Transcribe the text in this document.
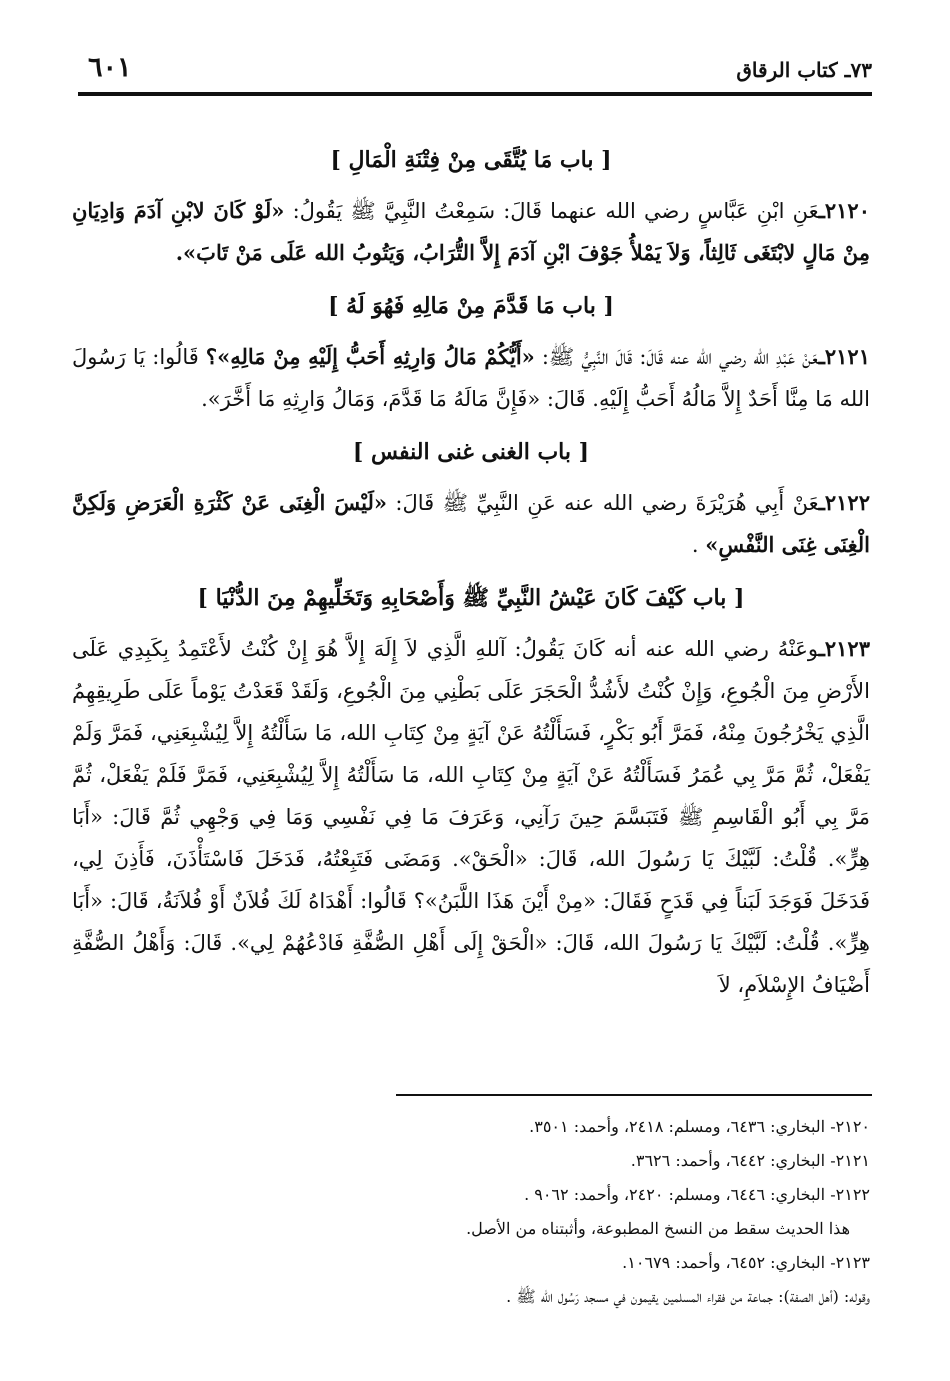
٧٣ـ كتاب الرقاق
٦٠١
[ باب مَا يُتَّقَى مِنْ فِتْنَةِ الْمَالِ ]

٢١٢٠ـعَنِ ابْنِ عَبَّاسٍ رضي الله عنهما قَالَ: سَمِعْتُ النَّبِيَّ ﷺ يَقُولُ: «لَوْ كَانَ لابْنِ آدَمَ وَادِيَانِ مِنْ مَالٍ لابْتَغَى ثَالِثاً، وَلاَ يَمْلأُ جَوْفَ ابْنِ آدَمَ إِلاَّ التُّرَابُ، وَيَتُوبُ الله عَلَى مَنْ تَابَ».

[ باب مَا قَدَّمَ مِنْ مَالِهِ فَهُوَ لَهُ ]

٢١٢١ـعَنْ عَبْدِ الله رضي الله عنه قَالَ: قَالَ النَّبِيُّ ﷺ: «أَيُّكُمْ مَالُ وَارِثِهِ أَحَبُّ إِلَيْهِ مِنْ مَالِهِ»؟ قَالُوا: يَا رَسُولَ الله مَا مِنَّا أَحَدٌ إِلاَّ مَالُهُ أَحَبُّ إِلَيْهِ. قَالَ: «فَإِنَّ مَالَهُ مَا قَدَّمَ، وَمَالُ وَارِثِهِ مَا أَخَّرَ».

[ باب الغنى غنى النفس ]

٢١٢٢ـعَنْ أَبِي هُرَيْرَةَ رضي الله عنه عَنِ النَّبِيِّ ﷺ قَالَ: «لَيْسَ الْغِنَى عَنْ كَثْرَةِ الْعَرَضِ وَلَكِنَّ الْغِنَى غِنَى النَّفْسِ» .

[ باب كَيْفَ كَانَ عَيْشُ النَّبِيِّ ﷺ وَأَصْحَابِهِ وَتَخَلِّيهِمْ مِنَ الدُّنْيَا ]

٢١٢٣ـوعَنْهُ رضي الله عنه أنه كَانَ يَقُولُ: آللهِ الَّذِي لاَ إِلَهَ إِلاَّ هُوَ إِنْ كُنْتُ لأَعْتَمِدُ بِكَبِدِي عَلَى الأَرْضِ مِنَ الْجُوعِ، وَإِنْ كُنْتُ لأَشُدُّ الْحَجَرَ عَلَى بَطْنِي مِنَ الْجُوعِ، وَلَقَدْ قَعَدْتُ يَوْماً عَلَى طَرِيقِهِمُ الَّذِي يَخْرُجُونَ مِنْهُ، فَمَرَّ أَبُو بَكْرٍ، فَسَأَلْتُهُ عَنْ آيَةٍ مِنْ كِتَابِ الله، مَا سَأَلْتُهُ إِلاَّ لِيُشْبِعَنِي، فَمَرَّ وَلَمْ يَفْعَلْ، ثُمَّ مَرَّ بِي عُمَرُ فَسَأَلْتُهُ عَنْ آيَةٍ مِنْ كِتَابِ الله، مَا سَأَلْتُهُ إِلاَّ لِيُشْبِعَنِي، فَمَرَّ فَلَمْ يَفْعَلْ، ثُمَّ مَرَّ بِي أَبُو الْقَاسِمِ ﷺ فَتَبَسَّمَ حِينَ رَآنِي، وَعَرَفَ مَا فِي نَفْسِي وَمَا فِي وَجْهِي ثُمَّ قَالَ: «أَبَا هِرٍّ». قُلْتُ: لَبَّيْكَ يَا رَسُولَ الله، قَالَ: «الْحَقْ». وَمَضَى فَتَبِعْتُهُ، فَدَخَلَ فَاسْتَأْذَنَ، فَأَذِنَ لِي، فَدَخَلَ فَوَجَدَ لَبَناً فِي قَدَحٍ فَقَالَ: «مِنْ أَيْنَ هَذَا اللَّبَنُ»؟ قَالُوا: أَهْدَاهُ لَكَ فُلاَنٌ أَوْ فُلاَنَةُ، قَالَ: «أَبَا هِرٍّ». قُلْتُ: لَبَّيْكَ يَا رَسُولَ الله، قَالَ: «الْحَقْ إِلَى أَهْلِ الصُّفَّةِ فَادْعُهُمْ لِي». قَالَ: وَأَهْلُ الصُّفَّةِ أَضْيَافُ الإِسْلاَمِ، لاَ

٢١٢٠- البخاري: ٦٤٣٦، ومسلم: ٢٤١٨، وأحمد: ٣٥٠١.

٢١٢١- البخاري: ٦٤٤٢، وأحمد: ٣٦٢٦.

٢١٢٢- البخاري: ٦٤٤٦، ومسلم: ٢٤٢٠، وأحمد: ٩٠٦٢ .

هذا الحديث سقط من النسخ المطبوعة، وأثبتناه من الأصل.

٢١٢٣- البخاري: ٦٤٥٢، وأحمد: ١٠٦٧٩.

وقوله: (أهل الصفة): جماعة من فقراء المسلمين يقيمون في مسجد رَسُول الله ﷺ .
